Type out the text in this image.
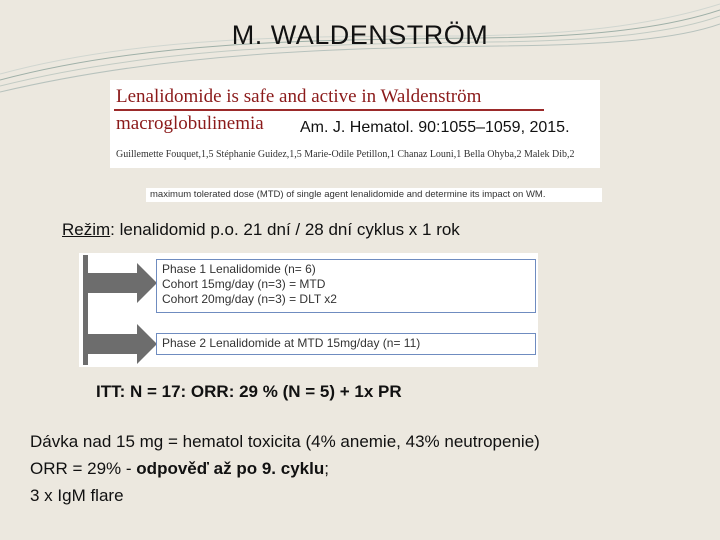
M. WALDENSTRÖM
Lenalidomide is safe and active in Waldenström
macroglobulinemia Am. J. Hematol. 90:1055–1059, 2015.
Guillemette Fouquet,1,5 Stéphanie Guidez,1,5 Marie-Odile Petillon,1 Chanaz Louni,1 Bella Ohyba,2 Malek Dib,2
maximum tolerated dose (MTD) of single agent lenalidomide and determine its impact on WM.
Režim: lenalidomid p.o. 21 dní / 28 dní cyklus x 1 rok
Phase 1 Lenalidomide (n= 6)
Cohort 15mg/day (n=3) = MTD
Cohort 20mg/day (n=3) = DLT x2
Phase 2 Lenalidomide at MTD 15mg/day (n= 11)
ITT: N = 17: ORR: 29 % (N = 5) + 1x PR
Dávka nad 15 mg = hematol toxicita (4% anemie, 43% neutropenie)
ORR = 29% - odpověď až po 9. cyklu;
3 x IgM flare
